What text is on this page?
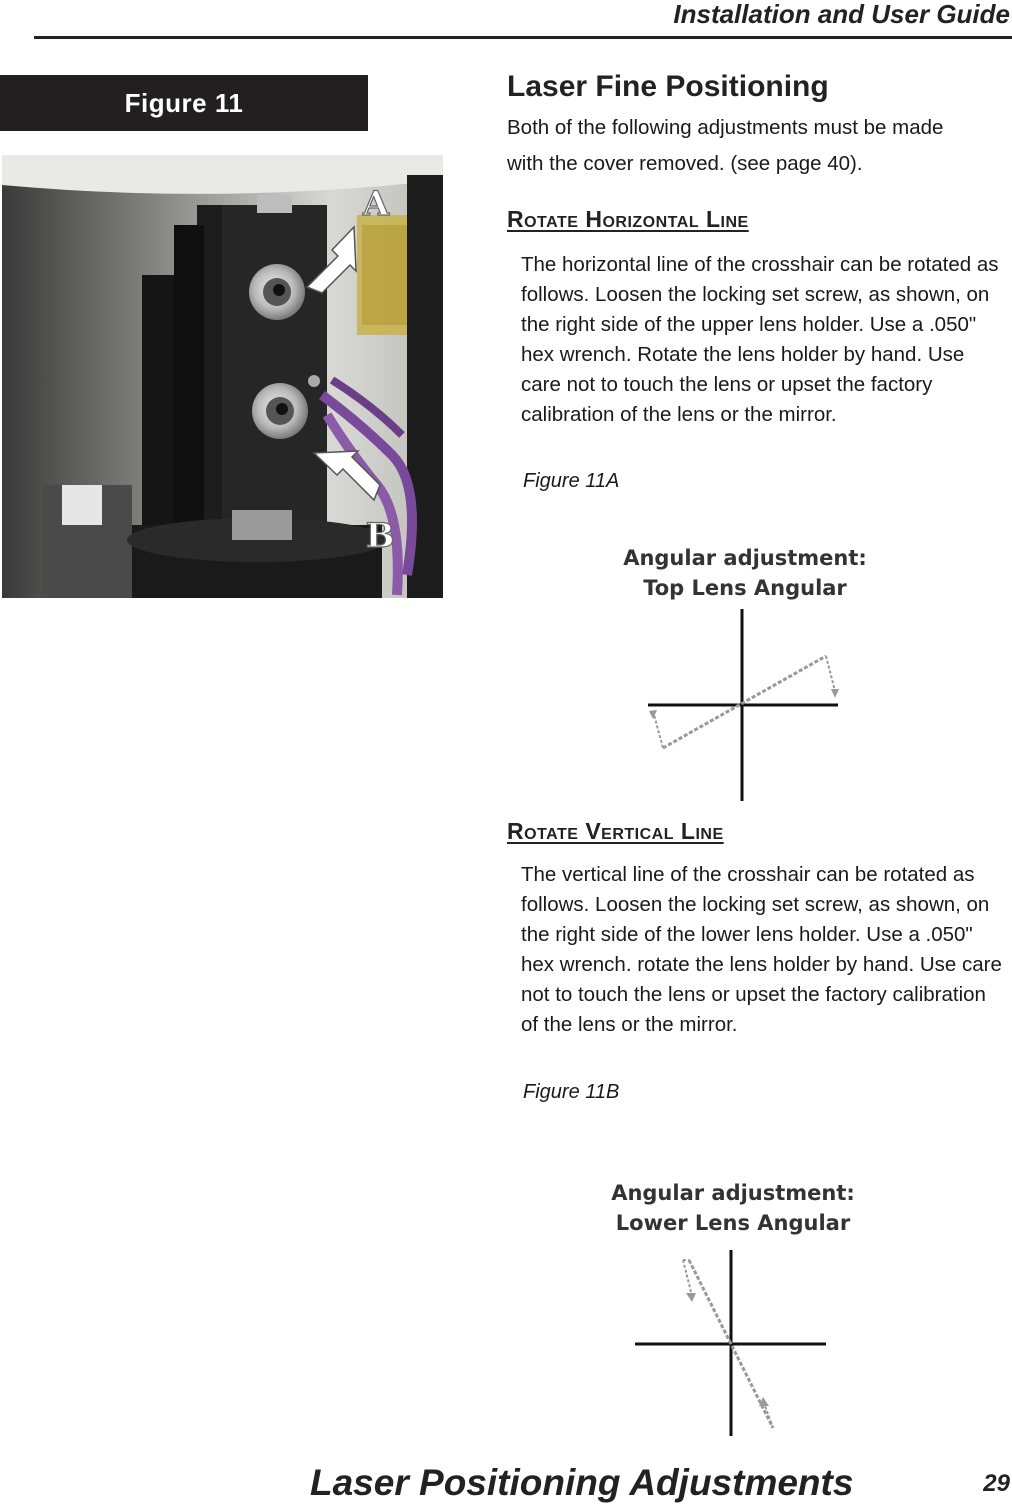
Installation and User Guide
Figure 11
A
B
Laser Fine Positioning
Both of the following adjustments must be made with the cover removed. (see page 40).
Rotate Horizontal Line
The horizontal line of the crosshair can be rotated as follows. Loosen the locking set screw, as shown, on the right side of the upper lens holder. Use a .050" hex wrench. Rotate the lens holder by hand. Use care not to touch the lens or upset the factory calibration of the lens or the mirror.
Figure 11A
Angular adjustment:
Top Lens Angular
Rotate Vertical Line
The vertical line of the crosshair can be rotated as follows. Loosen the locking set screw, as shown, on the right side of the lower lens holder. Use a .050" hex wrench. rotate the lens holder by hand. Use care not to touch the lens or upset the factory calibration of the lens or the mirror.
Figure 11B
Angular adjustment:
Lower Lens Angular
Laser Positioning Adjustments	29
